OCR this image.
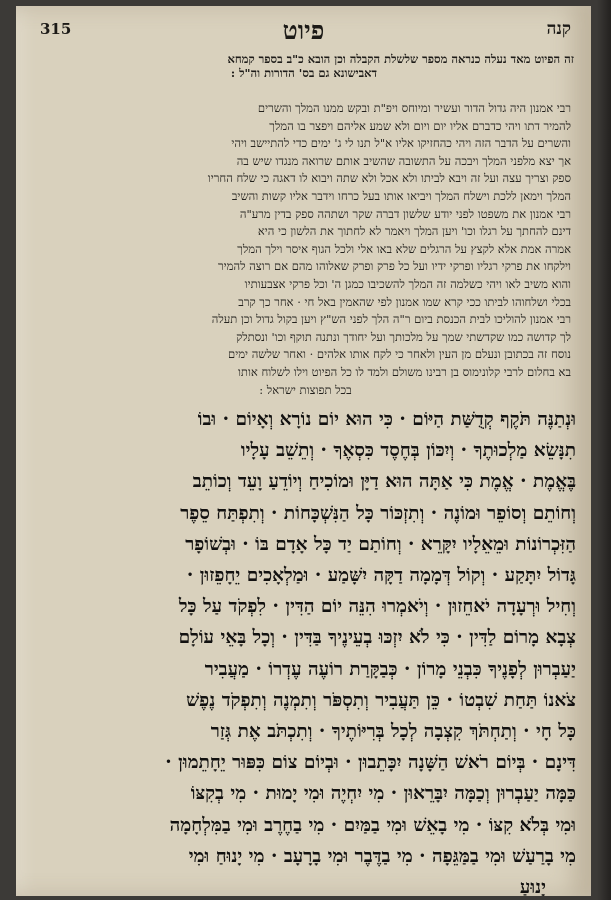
קנה
פיוט
315
זה הפיוט מאד נעלה כנראה מספר שלשלת הקבלה וכן הובא כ"ב בספר קמחא
דאבישונא גם בס' הדורות וה"ל :
רבי אמנון היה גדול הדור ועשיר ומיוחס ויפ"ת ובקש ממנו המלך והשרים
להמיר דתו ויהי כדברם אליו יום ויום ולא שמע אליהם ויפצר בו המלך
והשרים על הדבר הזה ויהי כהחזיקו אליו א"ל תנו לי ג' ימים כדי להתיישב ויהי
אך יצא מלפני המלך ויבכה על התשובה שהשיב אותם שרואה מנגדו שיש בה
ספק וצריך עצה ועל זה ויבא לביתו ולא אכל ולא שתה ויבוא לו דאגה כי שלח החריו
המלך וימאן ללכת וישלח המלך ויביאו אותו בעל כרחו וידבר אליו קשות והשיב
רבי אמנון את משפטו לפני יודע שלשון דברה שקר ושתהה ספק בדין מרע"ה
דינם להחתך על רגלו וכו' ויען המלך ויאמר לא לחתוך את הלשון כי היא
אמרה אמת אלא לקצץ על הרגלים שלא באו אלי ולכל הגוף איסר וילך המלך
וילקחו את פרקי רגליו ופרקי ידיו ועל כל פרק ופרק שאלוהו מהם אם רוצה להמיר
והוא משיב לאו ויהי כשלמה זה המלך להשכיבו כמגן ה' וכל פרקי אצבעותיו
בכלי ושלחוהו לביתו ככי קרא שמו אמנון לפי שהאמין באל חי · אחר כך קרב
רבי אמנון להוליכו לבית הכנסת ביום ר"ה הלך לפני הש"ץ ויען בקול גדול וכן תעלה
לך קדושה כמו שקדשתי שמך על מלכותך ועל יחודך ונתנה תוקף וכו' ונסתלק
נוסח זה בכתובן ונעלם מן העין ולאחר כי לקח אותו אלהים · ואחר שלשה ימים
בא בחלום לרבי קלונימוס בן רבינו משולם ולמד לו כל הפיוט וילו לשלוח אותו
בכל תפוצות ישראל :
וּנְתַנֶּה תֹּקֶף קְדֻשַּׁת הַיּוֹם · כִּי הוּא יוֹם נוֹרָא וְאָיוֹם · וּבוֹ
תִנָּשֵׂא מַלְכוּתֶךָ · וְיִכּוֹן בְּחֶסֶד כִּסְאֶךָ · וְתֵשֵׁב עָלָיו
בֶּאֱמֶת · אֱמֶת כִּי אַתָּה הוּא דַיָּן וּמוֹכִיחַ וְיוֹדֵעַ וָעֵד וְכוֹתֵב
וְחוֹתֵם וְסוֹפֵר וּמוֹנֶה · וְתִזְכּוֹר כָּל הַנִּשְׁכָּחוֹת · וְתִפְתַּח סֵפֶר
הַזִּכְרוֹנוֹת וּמֵאֵלָיו יִקָּרֵא · וְחוֹתַם יַד כָּל אָדָם בּוֹ · וּבְשׁוֹפָר
גָּדוֹל יִתָּקַע · וְקוֹל דְּמָמָה דַקָּה יִשָּׁמַע · וּמַלְאָכִים יֵחָפֵזוּן ·
וְחִיל וּרְעָדָה יֹאחֵזוּן · וְיֹאמְרוּ הִנֵּה יוֹם הַדִּין · לִפְקֹד עַל כָּל
צְבָא מָרוֹם לַדִּין · כִּי לֹא יִזְכּוּ בְעֵינֶיךָ בַּדִּין · וְכָל בָּאֵי עוֹלָם
יַעַבְרוּן לְפָנֶיךָ כִּבְנֵי מָרוֹן · כְּבַקָּרַת רוֹעֶה עֶדְרוֹ · מַעֲבִיר
צֹאנוֹ תַּחַת שִׁבְטוֹ · כֵּן תַּעֲבִיר וְתִסְפֹּר וְתִמְנֶה וְתִפְקֹד נֶפֶשׁ
כָּל חָי · וְתַחְתֹּךְ קִצְבָה לְכָל בְּרִיּוֹתֶיךָ · וְתִכְתֹּב אֶת גְּזַר
דִּינָם · בְּיוֹם רֹאשׁ הַשָּׁנָה יִכָּתֵבוּן · וּבְיוֹם צוֹם כִּפּוּר יֵחָתֵמוּן ·
כַּמָּה יַעַבְרוּן וְכַמָּה יִבָּרֵאוּן · מִי יִחְיֶה וּמִי יָמוּת · מִי בְקִצּוֹ
וּמִי בְּלֹא קִצּוֹ · מִי בָאֵשׁ וּמִי בַמַּיִם · מִי בַחֶרֶב וּמִי בַמִּלְחָמָה
מִי בָרַעַשׁ וּמִי בַמַּגֵּפָה · מִי בַדֶּבֶר וּמִי בָרָעָב · מִי יָנוּחַ וּמִי
יָנוּעַ
